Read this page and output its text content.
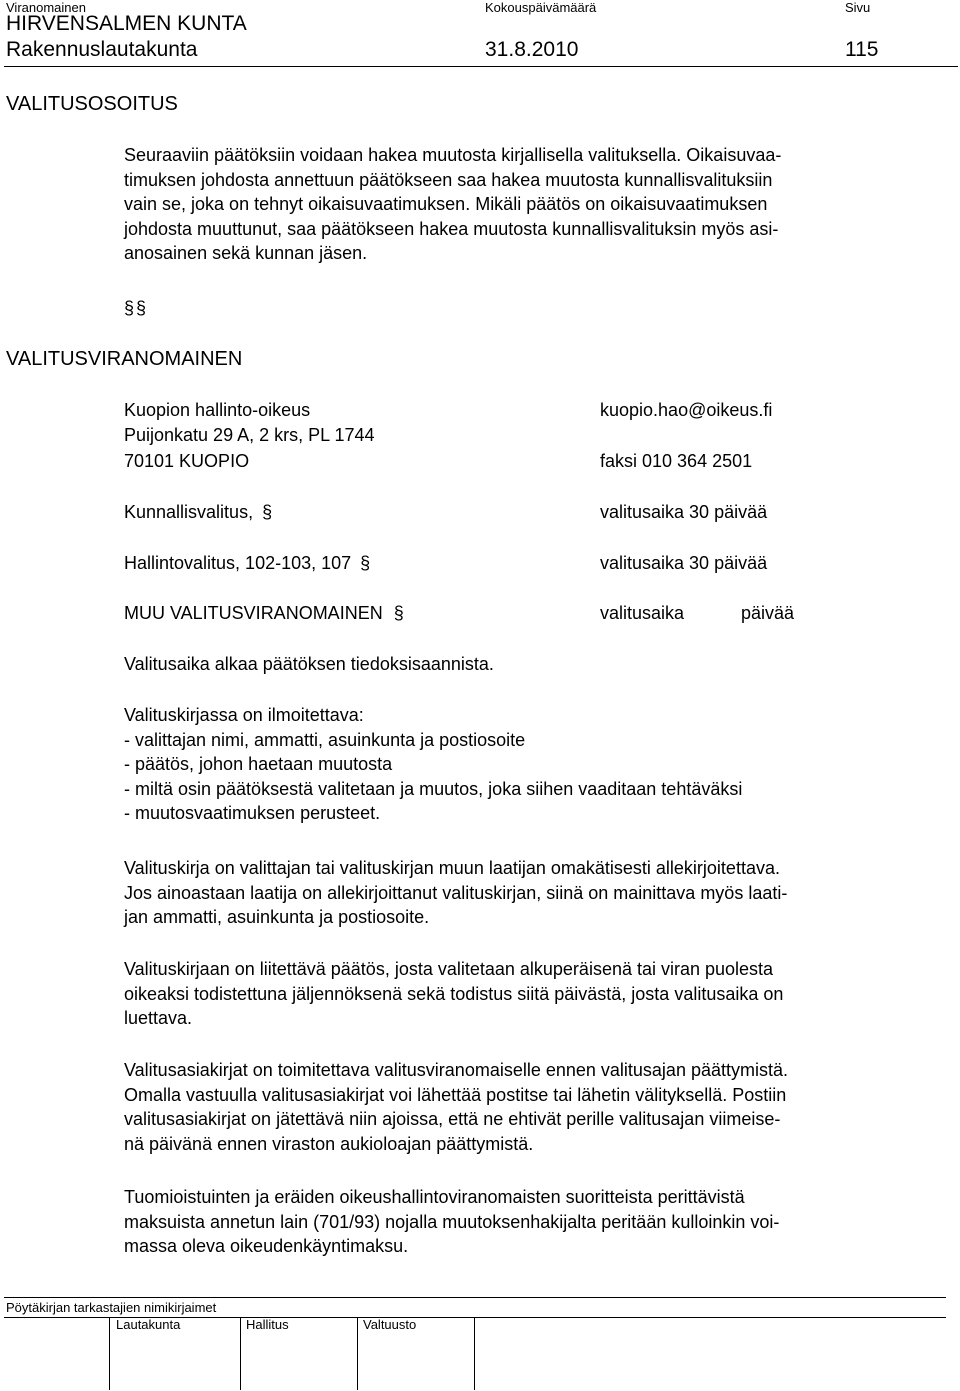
Viranomainen	Kokouspäivämäärä	Sivu
HIRVENSALMEN KUNTA
Rakennuslautakunta	31.8.2010	115
VALITUSOSOITUS
Seuraaviin päätöksiin voidaan hakea muutosta kirjallisella valituksella. Oikaisuvaa-
timuksen johdosta annettuun päätökseen saa hakea muutosta kunnallisvalituksiin
vain se, joka on tehnyt oikaisuvaatimuksen. Mikäli päätös on oikaisuvaatimuksen
johdosta muuttunut, saa päätökseen hakea muutosta kunnallisvalituksin myös asi-
anosainen sekä kunnan jäsen.
§ §
VALITUSVIRANOMAINEN
Kuopion hallinto-oikeus	kuopio.hao@oikeus.fi
Puijonkatu 29 A, 2 krs, PL 1744
70101 KUOPIO	faksi 010 364 2501
Kunnallisvalitus, §	valitusaika 30 päivää
Hallintovalitus, 102-103, 107 §	valitusaika 30 päivää
MUU VALITUSVIRANOMAINEN §	valitusaika	päivää
Valitusaika alkaa päätöksen tiedoksisaannista.
Valituskirjassa on ilmoitettava:
- valittajan nimi, ammatti, asuinkunta ja postiosoite
- päätös, johon haetaan muutosta
- miltä osin päätöksestä valitetaan ja muutos, joka siihen vaaditaan tehtäväksi
- muutosvaatimuksen perusteet.
Valituskirja on valittajan tai valituskirjan muun laatijan omakätisesti allekirjoitettava.
Jos ainoastaan laatija on allekirjoittanut valituskirjan, siinä on mainittava myös laati-
jan ammatti, asuinkunta ja postiosoite.
Valituskirjaan on liitettävä päätös, josta valitetaan alkuperäisenä tai viran puolesta
oikeaksi todistettuna jäljennöksenä sekä todistus siitä päivästä, josta valitusaika on
luettava.
Valitusasiakirjat on toimitettava valitusviranomaiselle ennen valitusajan päättymistä.
Omalla vastuulla valitusasiakirjat voi lähettää postitse tai lähetin välityksellä. Postiin
valitusasiakirjat on jätettävä niin ajoissa, että ne ehtivät perille valitusajan viimeise-
nä päivänä ennen viraston aukioloajan päättymistä.
Tuomioistuinten ja eräiden oikeushallintoviranomaisten suoritteista perittävistä
maksuista annetun lain (701/93) nojalla muutoksenhakijalta peritään kulloinkin voi-
massa oleva oikeudenkäyntimaksu.
Pöytäkirjan tarkastajien nimikirjaimet
Lautakunta	Hallitus	Valtuusto
